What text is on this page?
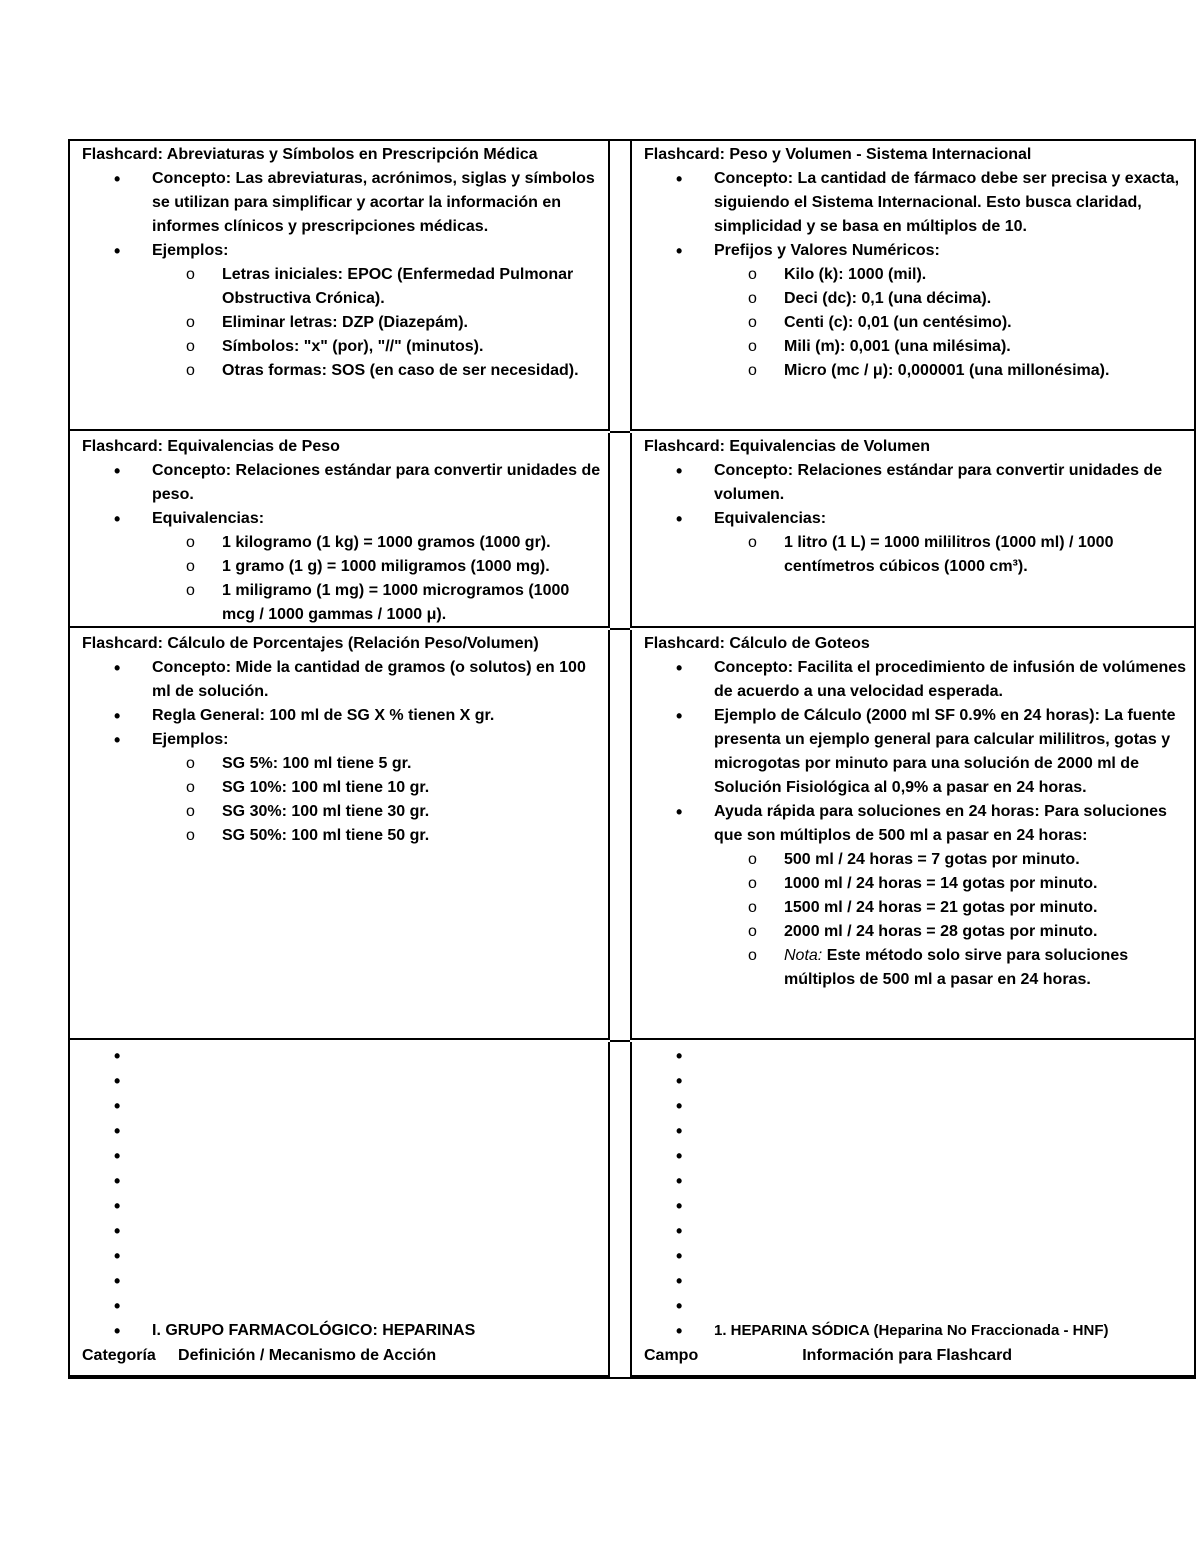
Flashcard: Abreviaturas y Símbolos en Prescripción Médica
• Concepto: Las abreviaturas, acrónimos, siglas y símbolos se utilizan para simplificar y acortar la información en informes clínicos y prescripciones médicas.
• Ejemplos:
o Letras iniciales: EPOC (Enfermedad Pulmonar Obstructiva Crónica).
o Eliminar letras: DZP (Diazepám).
o Símbolos: "x" (por), "//" (minutos).
o Otras formas: SOS (en caso de ser necesidad).
Flashcard: Peso y Volumen - Sistema Internacional
• Concepto: La cantidad de fármaco debe ser precisa y exacta, siguiendo el Sistema Internacional. Esto busca claridad, simplicidad y se basa en múltiplos de 10.
• Prefijos y Valores Numéricos:
o Kilo (k): 1000 (mil).
o Deci (dc): 0,1 (una décima).
o Centi (c): 0,01 (un centésimo).
o Mili (m): 0,001 (una milésima).
o Micro (mc / μ): 0,000001 (una millonésima).
Flashcard: Equivalencias de Peso
• Concepto: Relaciones estándar para convertir unidades de peso.
• Equivalencias:
o 1 kilogramo (1 kg) = 1000 gramos (1000 gr).
o 1 gramo (1 g) = 1000 miligramos (1000 mg).
o 1 miligramo (1 mg) = 1000 microgramos (1000 mcg / 1000 gammas / 1000 μ).
Flashcard: Equivalencias de Volumen
• Concepto: Relaciones estándar para convertir unidades de volumen.
• Equivalencias:
o 1 litro (1 L) = 1000 mililitros (1000 ml) / 1000 centímetros cúbicos (1000 cm³).
Flashcard: Cálculo de Porcentajes (Relación Peso/Volumen)
• Concepto: Mide la cantidad de gramos (o solutos) en 100 ml de solución.
• Regla General: 100 ml de SG X % tienen X gr.
• Ejemplos:
o SG 5%: 100 ml tiene 5 gr.
o SG 10%: 100 ml tiene 10 gr.
o SG 30%: 100 ml tiene 30 gr.
o SG 50%: 100 ml tiene 50 gr.
Flashcard: Cálculo de Goteos
• Concepto: Facilita el procedimiento de infusión de volúmenes de acuerdo a una velocidad esperada.
• Ejemplo de Cálculo (2000 ml SF 0.9% en 24 horas): La fuente presenta un ejemplo general para calcular mililitros, gotas y microgotas por minuto para una solución de 2000 ml de Solución Fisiológica al 0,9% a pasar en 24 horas.
• Ayuda rápida para soluciones en 24 horas: Para soluciones que son múltiplos de 500 ml a pasar en 24 horas:
o 500 ml / 24 horas = 7 gotas por minuto.
o 1000 ml / 24 horas = 14 gotas por minuto.
o 1500 ml / 24 horas = 21 gotas por minuto.
o 2000 ml / 24 horas = 28 gotas por minuto.
o Nota: Este método solo sirve para soluciones múltiplos de 500 ml a pasar en 24 horas.
•
•
•
•
•
•
•
•
•
•
•
• I. GRUPO FARMACOLÓGICO: HEPARINAS
Categoría Definición / Mecanismo de Acción
•
•
•
•
•
•
•
•
•
•
•
• 1. HEPARINA SÓDICA (Heparina No Fraccionada - HNF)
Campo	Información para Flashcard
